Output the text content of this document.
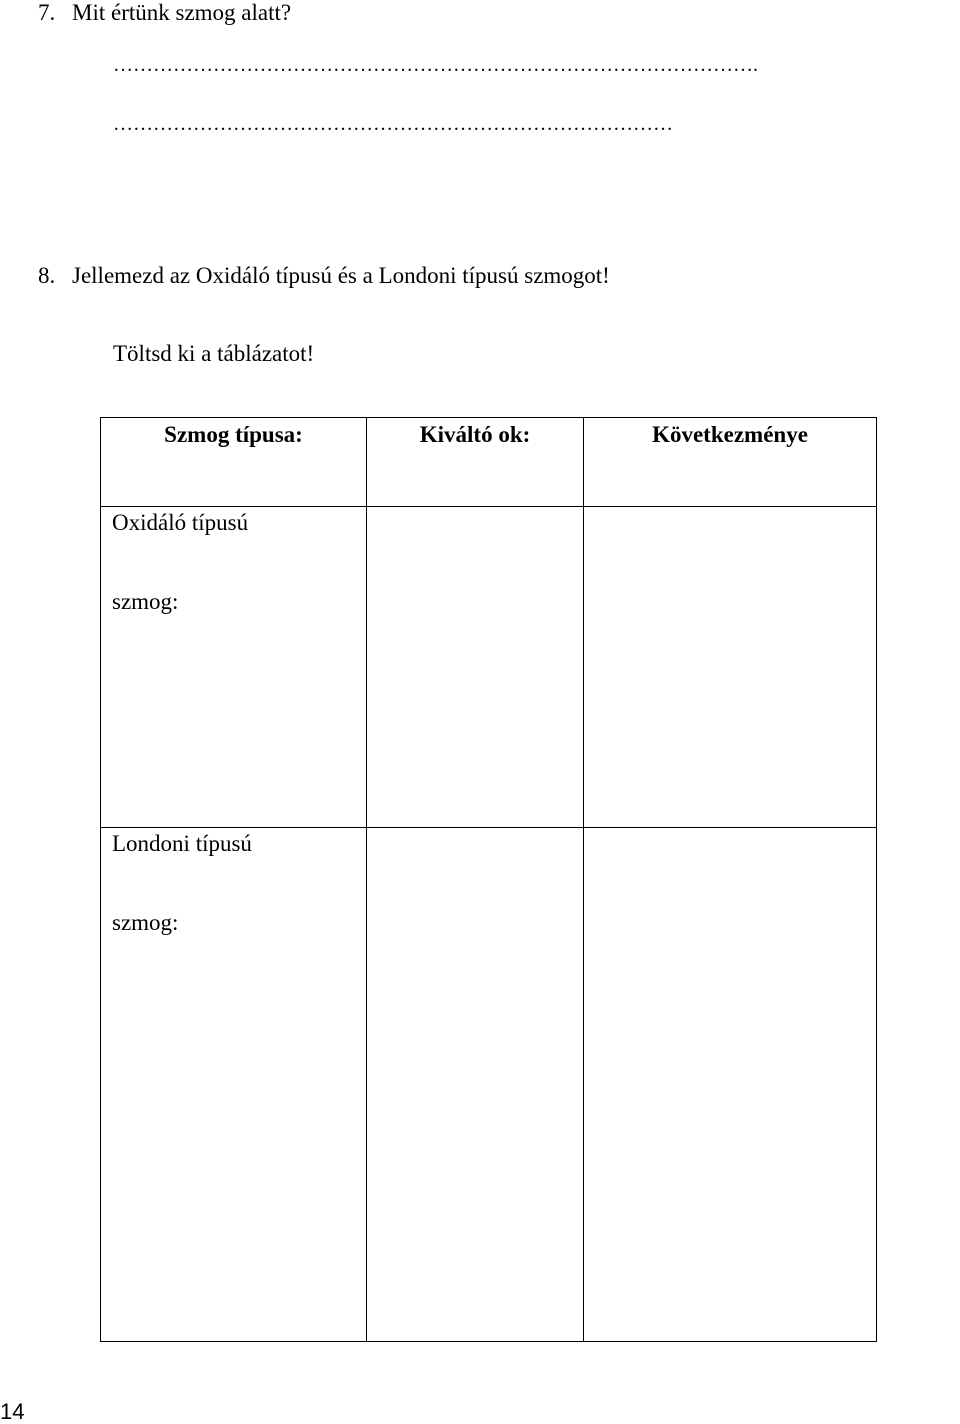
7. Mit értünk szmog alatt?
…………………………………………………………………………………….
…………………………………………………………………………
8. Jellemezd az Oxidáló típusú és a Londoni típusú szmogot!
Töltsd ki a táblázatot!
Szmog típusa:	Kiváltó ok:	Következménye

Oxidáló típusú
szmog:		

Londoni típusú
szmog:		

14
